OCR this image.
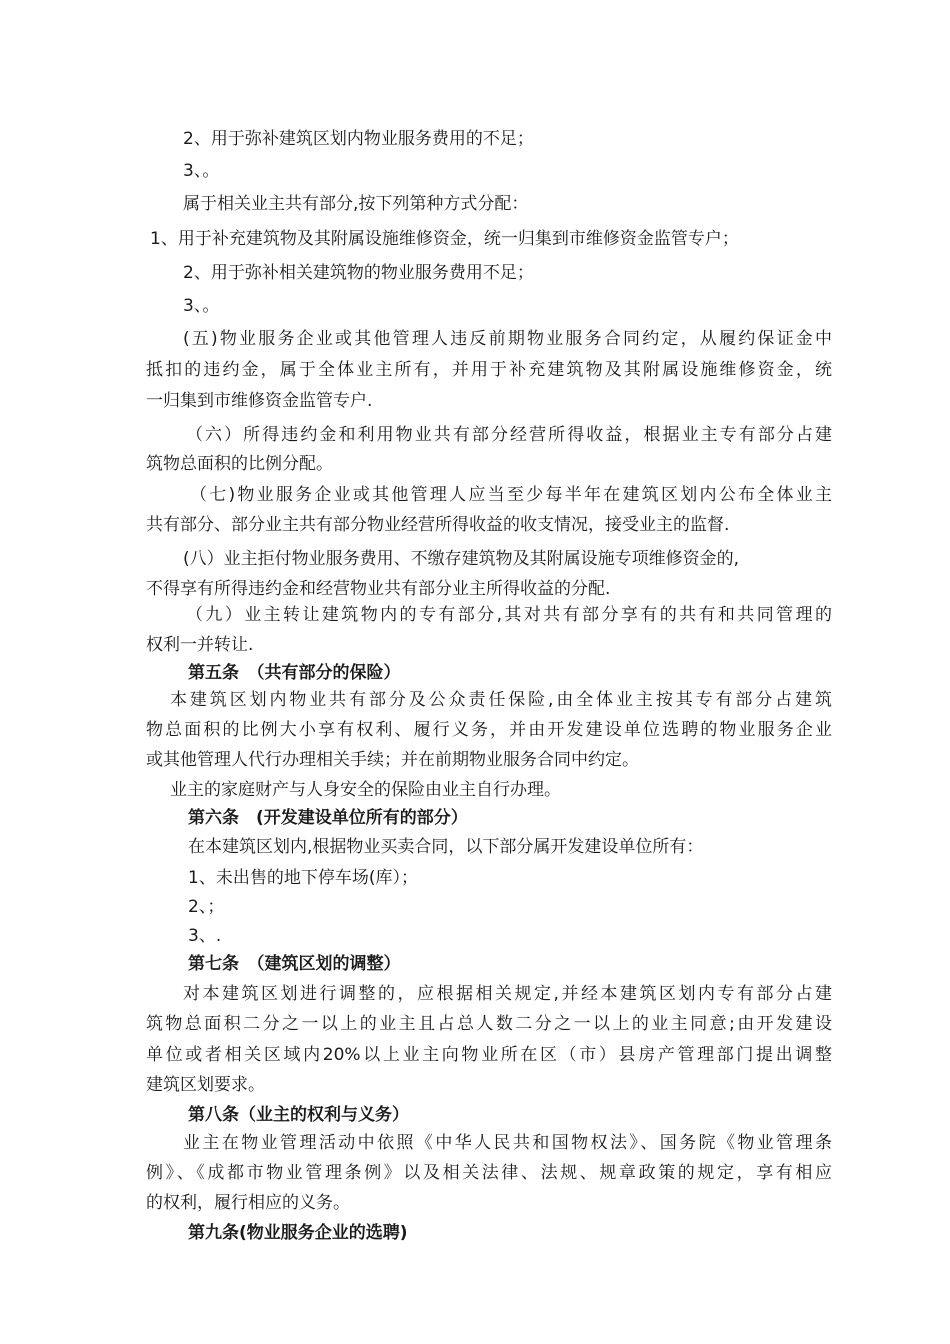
2、用于弥补建筑区划内物业服务费用的不足；
3、。
属于相关业主共有部分,按下列第种方式分配：
1、用于补充建筑物及其附属设施维修资金，统一归集到市维修资金监管专户；
2、用于弥补相关建筑物的物业服务费用不足；
3、。
(五)物业服务企业或其他管理人违反前期物业服务合同约定，从履约保证金中
抵扣的违约金，属于全体业主所有，并用于补充建筑物及其附属设施维修资金，统
一归集到市维修资金监管专户.
（六）所得违约金和利用物业共有部分经营所得收益，根据业主专有部分占建
筑物总面积的比例分配。
（七)物业服务企业或其他管理人应当至少每半年在建筑区划内公布全体业主
共有部分、部分业主共有部分物业经营所得收益的收支情况，接受业主的监督.
(八）业主拒付物业服务费用、不缴存建筑物及其附属设施专项维修资金的,
不得享有所得违约金和经营物业共有部分业主所得收益的分配.
（九）业主转让建筑物内的专有部分,其对共有部分享有的共有和共同管理的
权利一并转让.
第五条　（共有部分的保险）
本建筑区划内物业共有部分及公众责任保险,由全体业主按其专有部分占建筑
物总面积的比例大小享有权利、履行义务，并由开发建设单位选聘的物业服务企业
或其他管理人代行办理相关手续；并在前期物业服务合同中约定。
业主的家庭财产与人身安全的保险由业主自行办理。
第六条　(开发建设单位所有的部分）
在本建筑区划内,根据物业买卖合同，以下部分属开发建设单位所有：
1、未出售的地下停车场(库）；
2、；
3、.
第七条　（建筑区划的调整）
对本建筑区划进行调整的，应根据相关规定,并经本建筑区划内专有部分占建
筑物总面积二分之一以上的业主且占总人数二分之一以上的业主同意;由开发建设
单位或者相关区域内20%以上业主向物业所在区（市）县房产管理部门提出调整
建筑区划要求。
第八条（业主的权利与义务）
业主在物业管理活动中依照《中华人民共和国物权法》、国务院《物业管理条
例》、《成都市物业管理条例》以及相关法律、法规、规章政策的规定，享有相应
的权利，履行相应的义务。
第九条(物业服务企业的选聘)
